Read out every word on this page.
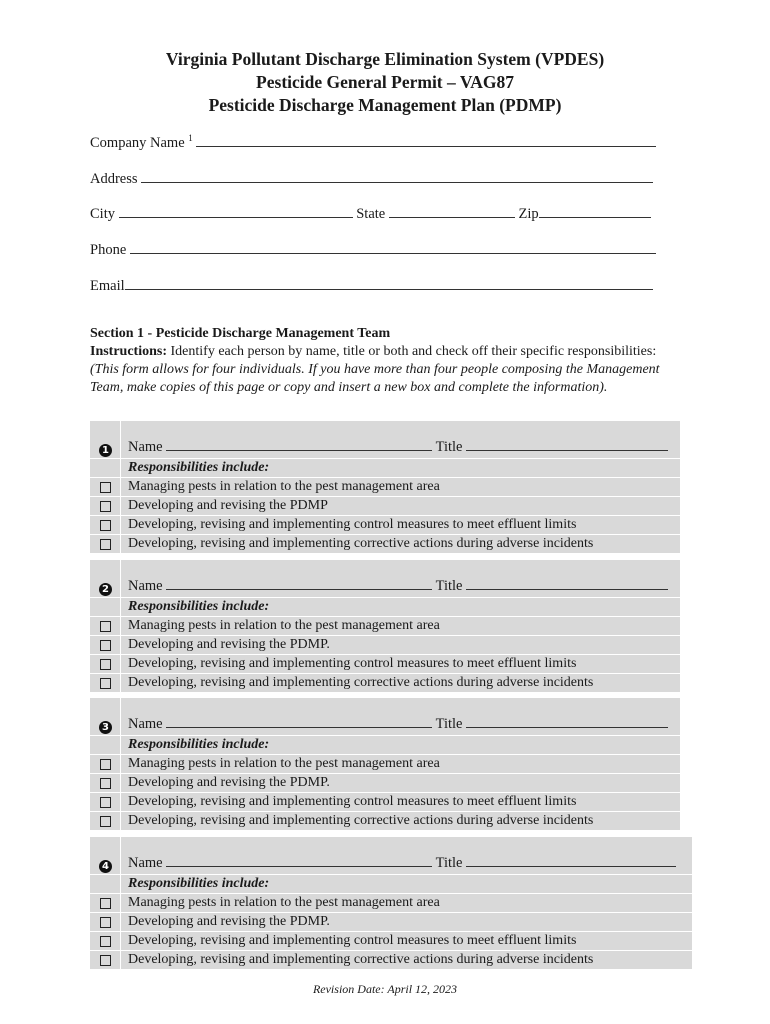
Virginia Pollutant Discharge Elimination System (VPDES)
Pesticide General Permit – VAG87
Pesticide Discharge Management Plan (PDMP)
Company Name $^1$
Address
City	State	Zip
Phone
Email
Section 1 - Pesticide Discharge Management Team
Instructions: Identify each person by name, title or both and check off their specific responsibilities: (This form allows for four individuals. If you have more than four people composing the Management Team, make copies of this page or copy and insert a new box and complete the information).
1 Name	Title
Responsibilities include:
Managing pests in relation to the pest management area
Developing and revising the PDMP
Developing, revising and implementing control measures to meet effluent limits
Developing, revising and implementing corrective actions during adverse incidents
2 Name	Title
Responsibilities include:
Managing pests in relation to the pest management area
Developing and revising the PDMP.
Developing, revising and implementing control measures to meet effluent limits
Developing, revising and implementing corrective actions during adverse incidents
3 Name	Title
Responsibilities include:
Managing pests in relation to the pest management area
Developing and revising the PDMP.
Developing, revising and implementing control measures to meet effluent limits
Developing, revising and implementing corrective actions during adverse incidents
4 Name	Title
Responsibilities include:
Managing pests in relation to the pest management area
Developing and revising the PDMP.
Developing, revising and implementing control measures to meet effluent limits
Developing, revising and implementing corrective actions during adverse incidents
Revision Date: April 12, 2023
